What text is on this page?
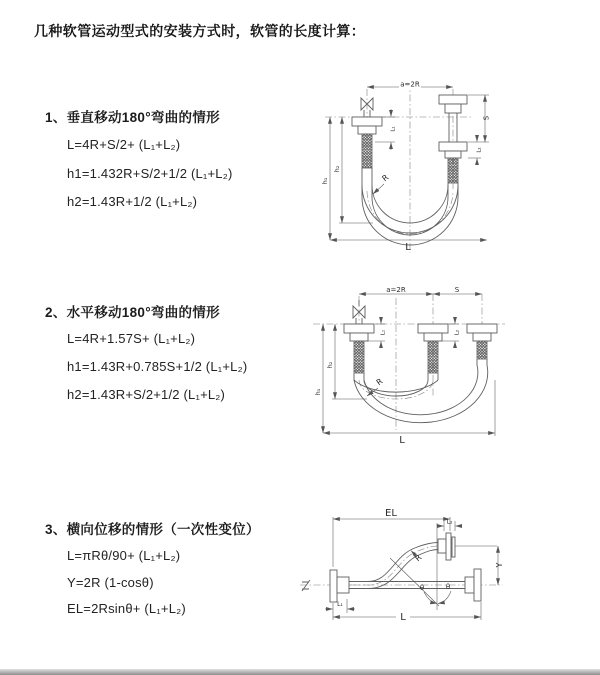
几种软管运动型式的安装方式时，软管的长度计算：
1、垂直移动180°弯曲的情形
L=4R+S/2+ (L₁+L₂)
h1=1.432R+S/2+1/2 (L₁+L₂)
h2=1.43R+1/2 (L₁+L₂)
2、水平移动180°弯曲的情形
L=4R+1.57S+ (L₁+L₂)
h1=1.43R+0.785S+1/2 (L₁+L₂)
h2=1.43R+S/2+1/2 (L₁+L₂)
3、横向位移的情形（一次性变位）
L=πRθ/90+ (L₁+L₂)
Y=2R (1-cosθ)
EL=2Rsinθ+ (L₁+L₂)
a=2R
S
L₁
L₂
h₁
h₂
R
L
a=2R	S
L₁	L₂
h₂
h₁
R
L
EL
L₂
Y
R
θ	θ
L
L₁
